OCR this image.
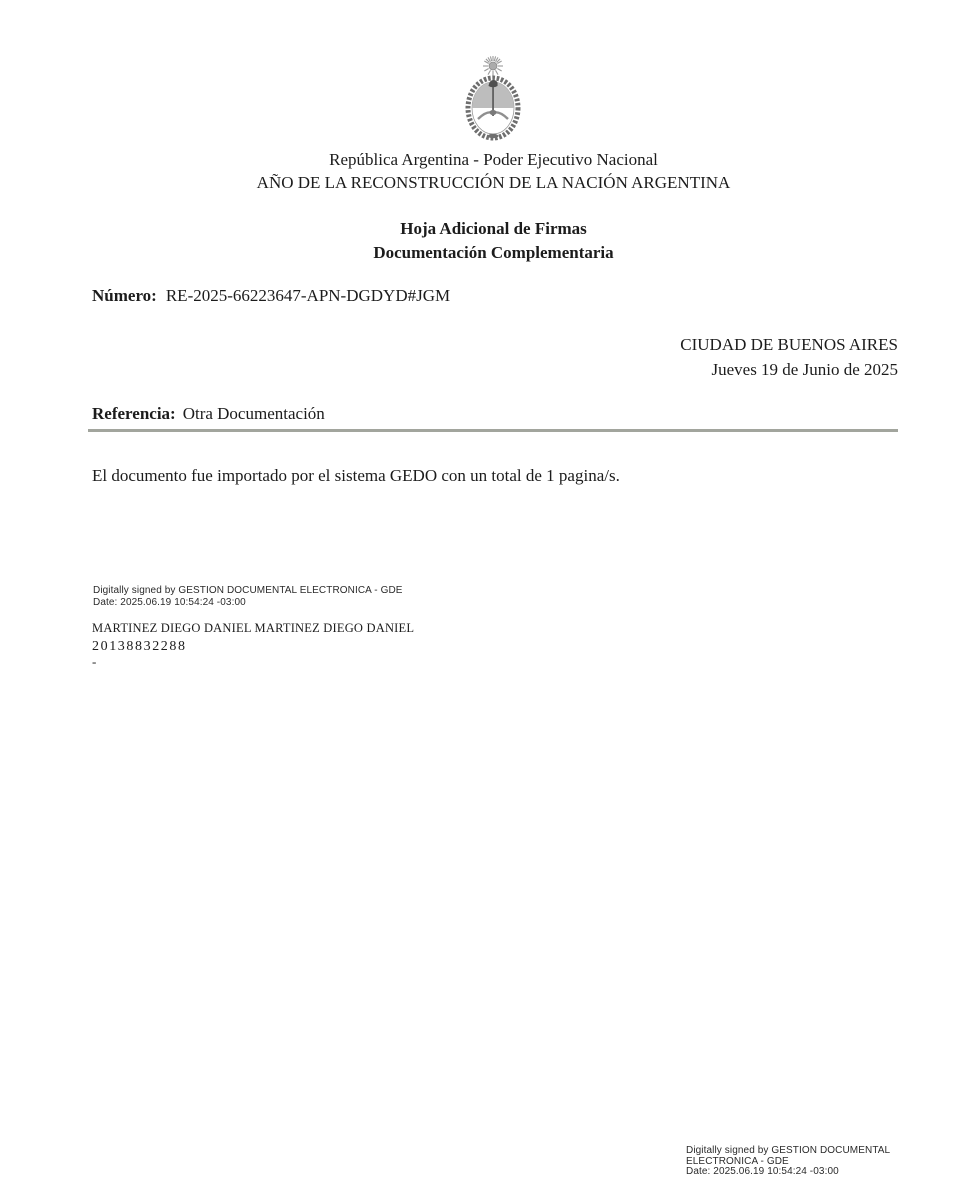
República Argentina - Poder Ejecutivo Nacional
AÑO DE LA RECONSTRUCCIÓN DE LA NACIÓN ARGENTINA
Hoja Adicional de Firmas
Documentación Complementaria
Número: RE-2025-66223647-APN-DGDYD#JGM
CIUDAD DE BUENOS AIRES
Jueves 19 de Junio de 2025
Referencia: Otra Documentación
El documento fue importado por el sistema GEDO con un total de 1 pagina/s.
Digitally signed by GESTION DOCUMENTAL ELECTRONICA - GDE
Date: 2025.06.19 10:54:24 -03:00
MARTINEZ DIEGO DANIEL MARTINEZ DIEGO DANIEL
20138832288
-
Digitally signed by GESTION DOCUMENTAL
ELECTRONICA - GDE
Date: 2025.06.19 10:54:24 -03:00
